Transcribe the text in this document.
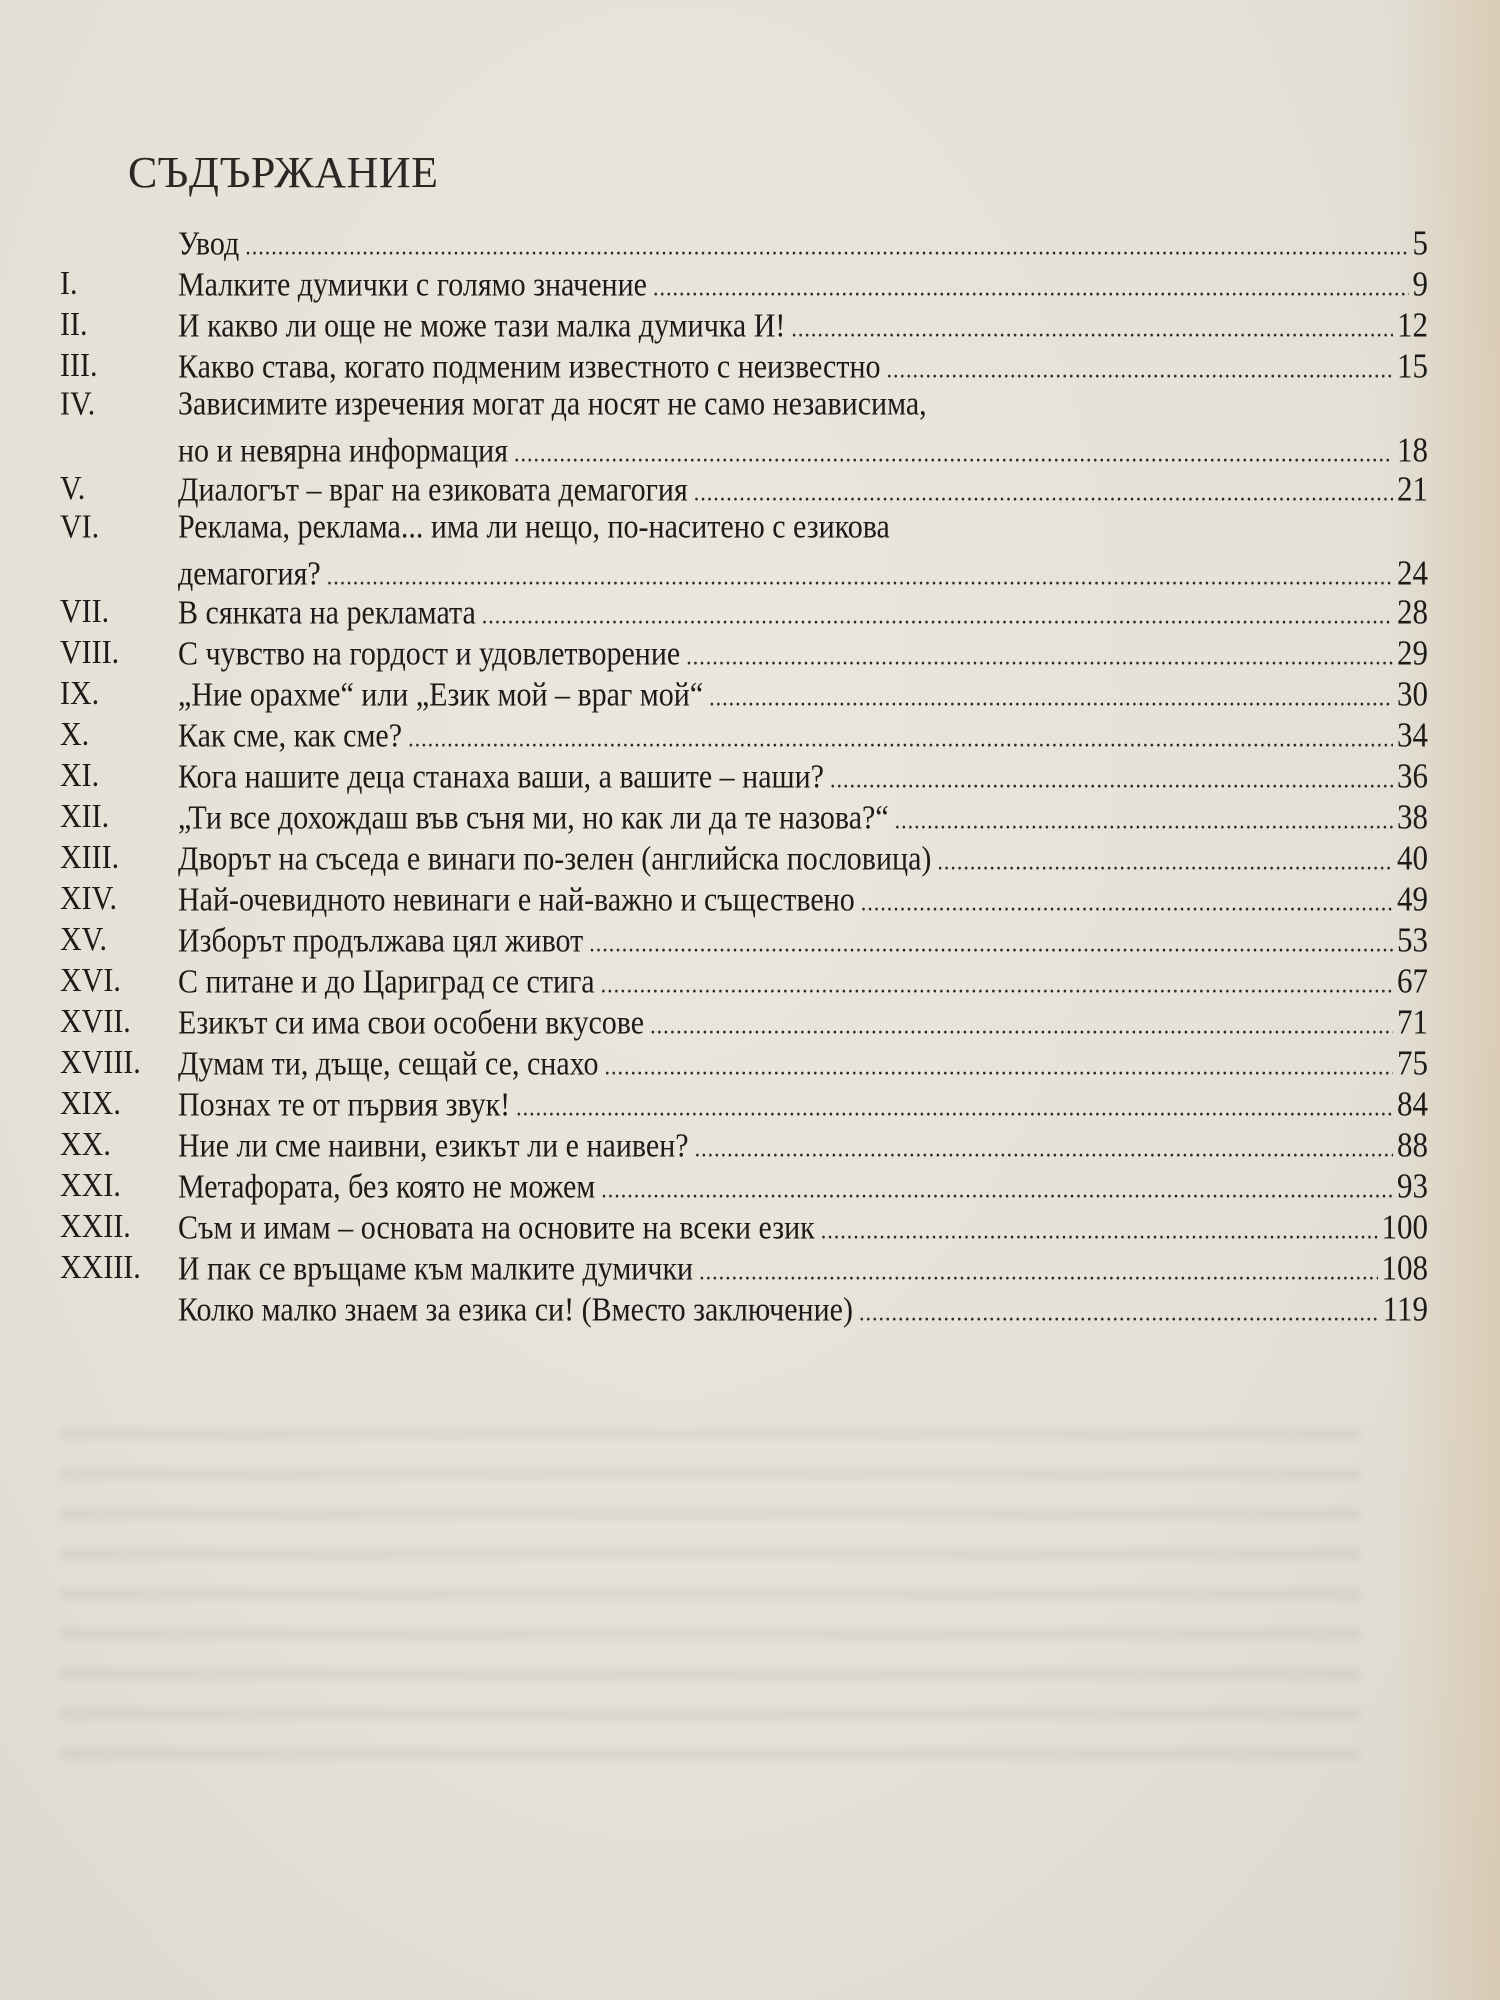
СЪДЪРЖАНИЕ
Увод .....	5
I.	Малките думички с голямо значение .....	9
II.	И какво ли още не може тази малка думичка И! .....	12
III.	Какво става, когато подменим известното с неизвестно .....	15
IV.	Зависимите изречения могат да носят не само независима,
но и невярна информация .....	18
V.	Диалогът – враг на езиковата демагогия .....	21
VI.	Реклама, реклама... има ли нещо, по-наситено с езикова
демагогия? .....	24
VII.	В сянката на рекламата .....	28
VIII.	С чувство на гордост и удовлетворение .....	29
IX.	„Ние орахме“ или „Език мой – враг мой“ .....	30
X.	Как сме, как сме? .....	34
XI.	Кога нашите деца станаха ваши, а вашите – наши? .....	36
XII.	„Ти все дохождаш във съня ми, но как ли да те назова?“ .....	38
XIII.	Дворът на съседа е винаги по-зелен (английска пословица) .....	40
XIV.	Най-очевидното невинаги е най-важно и съществено .....	49
XV.	Изборът продължава цял живот .....	53
XVI.	С питане и до Цариград се стига .....	67
XVII.	Езикът си има свои особени вкусове .....	71
XVIII.	Думам ти, дъще, сещай се, снахо .....	75
XIX.	Познах те от първия звук! .....	84
XX.	Ние ли сме наивни, езикът ли е наивен? .....	88
XXI.	Метафората, без която не можем .....	93
XXII.	Съм и имам – основата на основите на всеки език .....	100
XXIII.	И пак се връщаме към малките думички .....	108
Колко малко знаем за езика си! (Вместо заключение) .....	119
